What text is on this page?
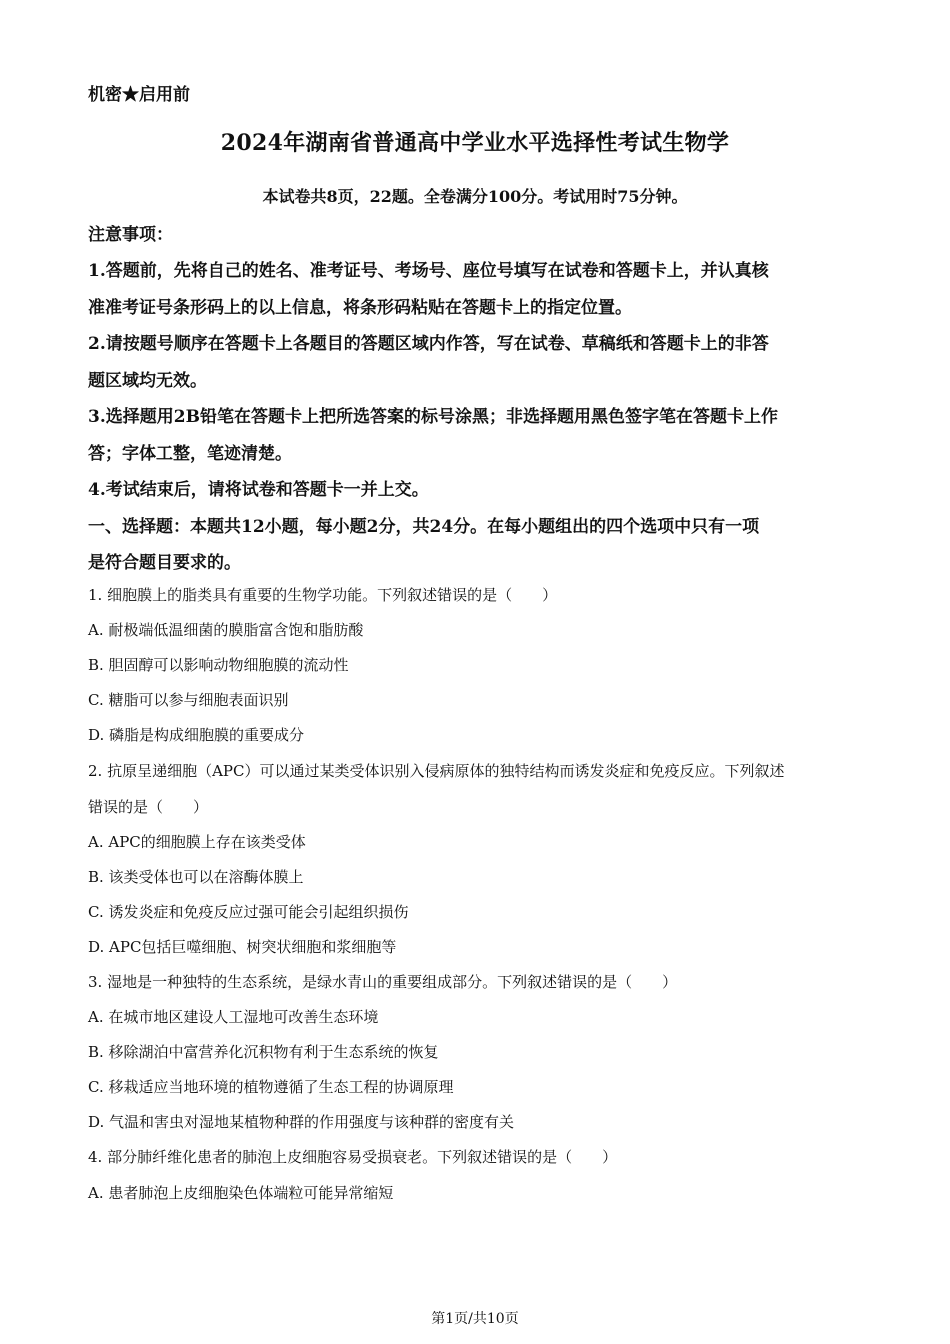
机密★启用前
2024年湖南省普通高中学业水平选择性考试生物学
本试卷共8页，22题。全卷满分100分。考试用时75分钟。
注意事项：
1.答题前，先将自己的姓名、准考证号、考场号、座位号填写在试卷和答题卡上，并认真核
准准考证号条形码上的以上信息，将条形码粘贴在答题卡上的指定位置。
2.请按题号顺序在答题卡上各题目的答题区域内作答，写在试卷、草稿纸和答题卡上的非答
题区域均无效。
3.选择题用2B铅笔在答题卡上把所选答案的标号涂黑；非选择题用黑色签字笔在答题卡上作
答；字体工整，笔迹清楚。
4.考试结束后，请将试卷和答题卡一并上交。
一、选择题：本题共12小题，每小题2分，共24分。在每小题组出的四个选项中只有一项
是符合题目要求的。
1. 细胞膜上的脂类具有重要的生物学功能。下列叙述错误的是（　　）
A. 耐极端低温细菌的膜脂富含饱和脂肪酸
B. 胆固醇可以影响动物细胞膜的流动性
C. 糖脂可以参与细胞表面识别
D. 磷脂是构成细胞膜的重要成分
2. 抗原呈递细胞（APC）可以通过某类受体识别入侵病原体的独特结构而诱发炎症和免疫反应。下列叙述
错误的是（　　）
A. APC的细胞膜上存在该类受体
B. 该类受体也可以在溶酶体膜上
C. 诱发炎症和免疫反应过强可能会引起组织损伤
D. APC包括巨噬细胞、树突状细胞和浆细胞等
3. 湿地是一种独特的生态系统，是绿水青山的重要组成部分。下列叙述错误的是（　　）
A. 在城市地区建设人工湿地可改善生态环境
B. 移除湖泊中富营养化沉积物有利于生态系统的恢复
C. 移栽适应当地环境的植物遵循了生态工程的协调原理
D. 气温和害虫对湿地某植物种群的作用强度与该种群的密度有关
4. 部分肺纤维化患者的肺泡上皮细胞容易受损衰老。下列叙述错误的是（　　）
A. 患者肺泡上皮细胞染色体端粒可能异常缩短
第1页/共10页
